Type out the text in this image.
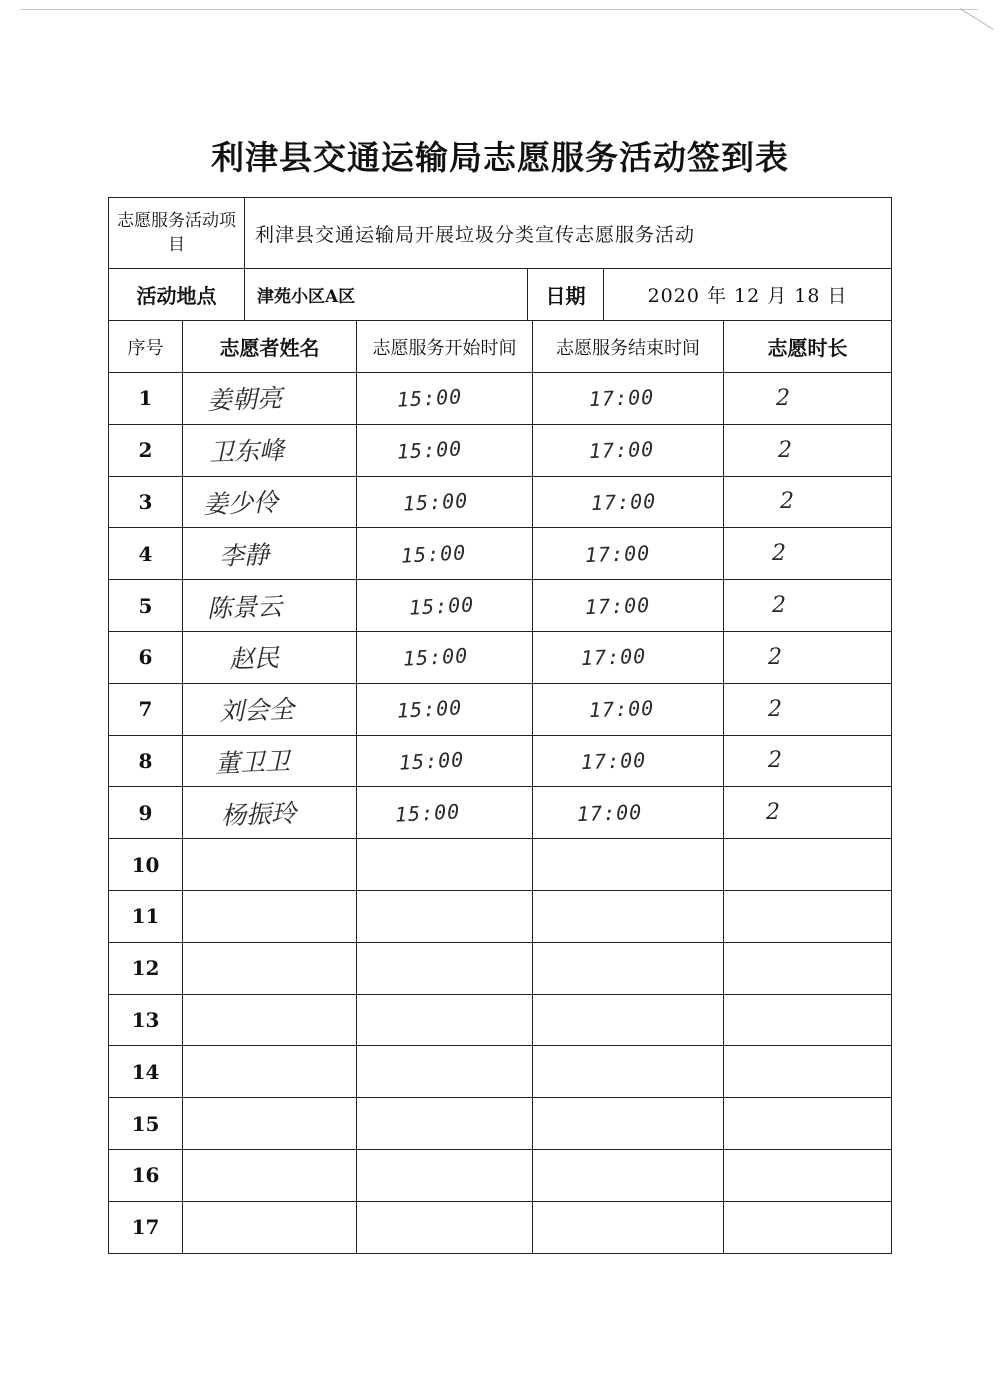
利津县交通运输局志愿服务活动签到表
志愿服务活动项目 利津县交通运输局开展垃圾分类宣传志愿服务活动				

活动地点 津苑小区A区 日期 2020 年 12 月 18 日				

序号	志愿者姓名	志愿服务开始时间	志愿服务结束时间	志愿时长
1	姜朝亮	15:00	17:00	2
2	卫东峰	15:00	17:00	2
3	姜少伶	15:00	17:00	2
4	李静	15:00	17:00	2
5	陈景云	15:00	17:00	2
6	赵民	15:00	17:00	2
7	刘会全	15:00	17:00	2
8	董卫卫	15:00	17:00	2
9	杨振玲	15:00	17:00	2
10				
11				
12				
13				
14				
15				
16				
17				
